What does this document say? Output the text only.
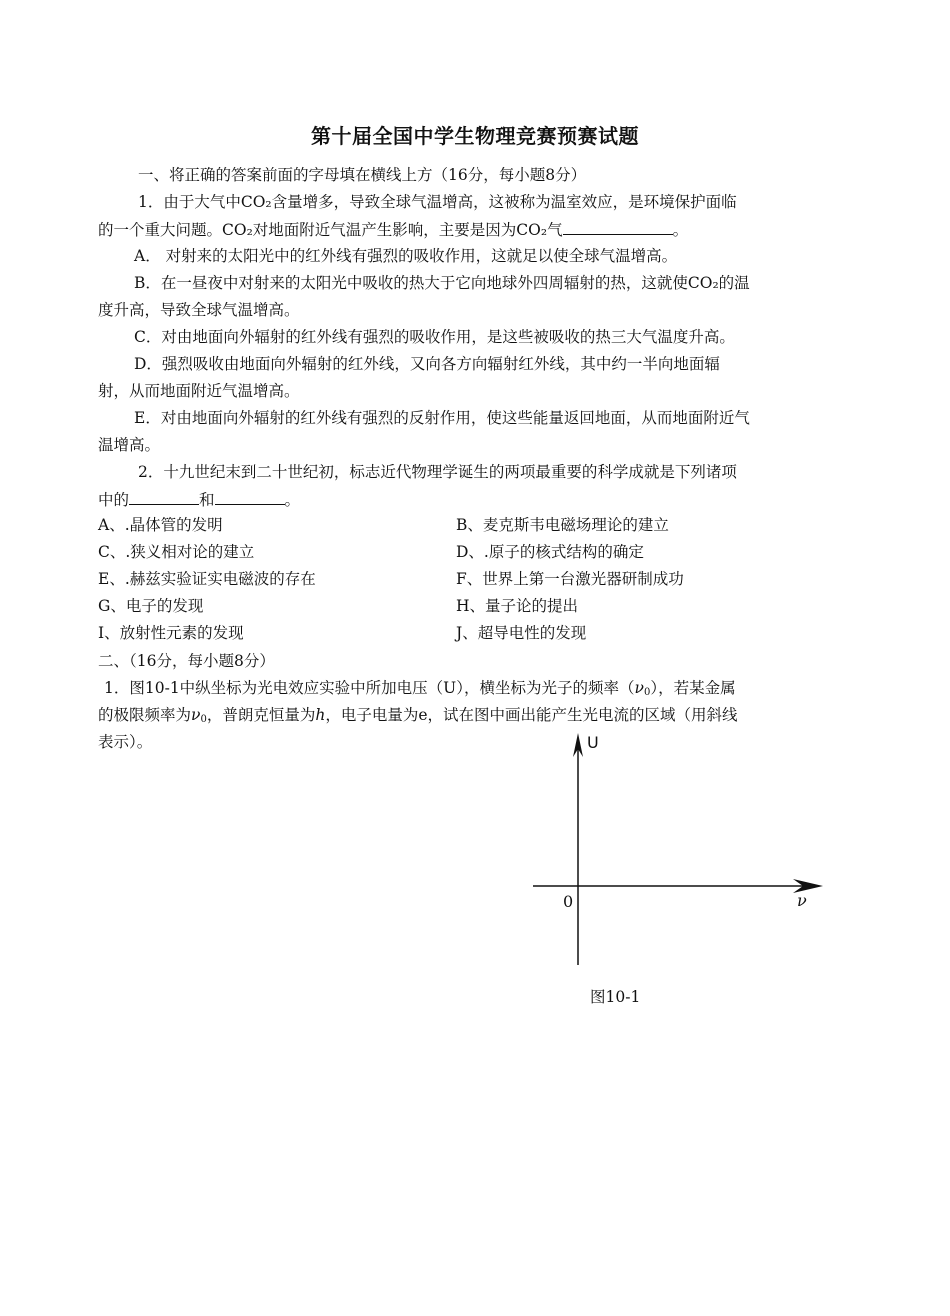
第十届全国中学生物理竞赛预赛试题
一、将正确的答案前面的字母填在横线上方（16分，每小题8分）
1．由于大气中CO₂含量增多，导致全球气温增高，这被称为温室效应，是环境保护面临
的一个重大问题。CO₂对地面附近气温产生影响，主要是因为CO₂气	。
A． 对射来的太阳光中的红外线有强烈的吸收作用，这就足以使全球气温增高。
B．在一昼夜中对射来的太阳光中吸收的热大于它向地球外四周辐射的热，这就使CO₂的温
度升高，导致全球气温增高。
C．对由地面向外辐射的红外线有强烈的吸收作用，是这些被吸收的热三大气温度升高。
D．强烈吸收由地面向外辐射的红外线，又向各方向辐射红外线，其中约一半向地面辐
射，从而地面附近气温增高。
E．对由地面向外辐射的红外线有强烈的反射作用，使这些能量返回地面，从而地面附近气
温增高。
2．十九世纪末到二十世纪初，标志近代物理学诞生的两项最重要的科学成就是下列诸项
中的	和	。
A、.晶体管的发明	B、麦克斯韦电磁场理论的建立
C、.狭义相对论的建立	D、.原子的核式结构的确定
E、.赫兹实验证实电磁波的存在	F、世界上第一台激光器研制成功
G、电子的发现	H、量子论的提出
I、放射性元素的发现	J、超导电性的发现
二、（16分，每小题8分）
1．图10-1中纵坐标为光电效应实验中所加电压（U），横坐标为光子的频率$(\nu_0)$，若某金属
的极限频率为$\nu_0$，普朗克恒量为h，电子电量为e，试在图中画出能产生光电流的区域（用斜线
表示）。	U
ν
0
图10-1
